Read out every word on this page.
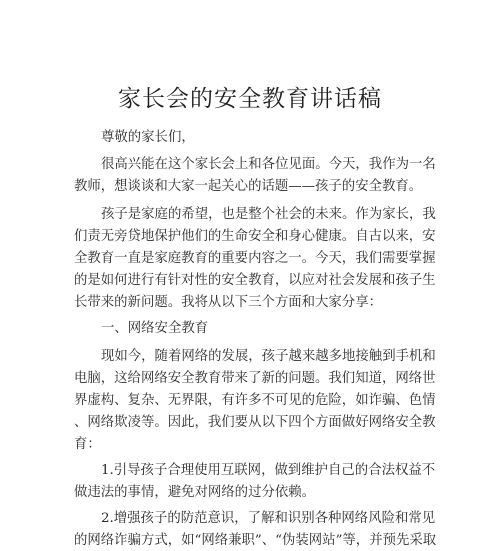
家长会的安全教育讲话稿
尊敬的家长们，
很高兴能在这个家长会上和各位见面。今天，我作为一名
教师，想谈谈和大家一起关心的话题——孩子的安全教育。
孩子是家庭的希望，也是整个社会的未来。作为家长，我
们责无旁贷地保护他们的生命安全和身心健康。自古以来，安
全教育一直是家庭教育的重要内容之一。今天，我们需要掌握
的是如何进行有针对性的安全教育，以应对社会发展和孩子生
长带来的新问题。我将从以下三个方面和大家分享：
一、网络安全教育
现如今，随着网络的发展，孩子越来越多地接触到手机和
电脑，这给网络安全教育带来了新的问题。我们知道，网络世
界虚构、复杂、无界限，有许多不可见的危险，如诈骗、色情
、网络欺凌等。因此，我们要从以下四个方面做好网络安全教
育：
1.引导孩子合理使用互联网，做到维护自己的合法权益不
做违法的事情，避免对网络的过分依赖。
2.增强孩子的防范意识，了解和识别各种网络风险和常见
的网络诈骗方式，如“网络兼职”、“伪装网站”等，并预先采取
